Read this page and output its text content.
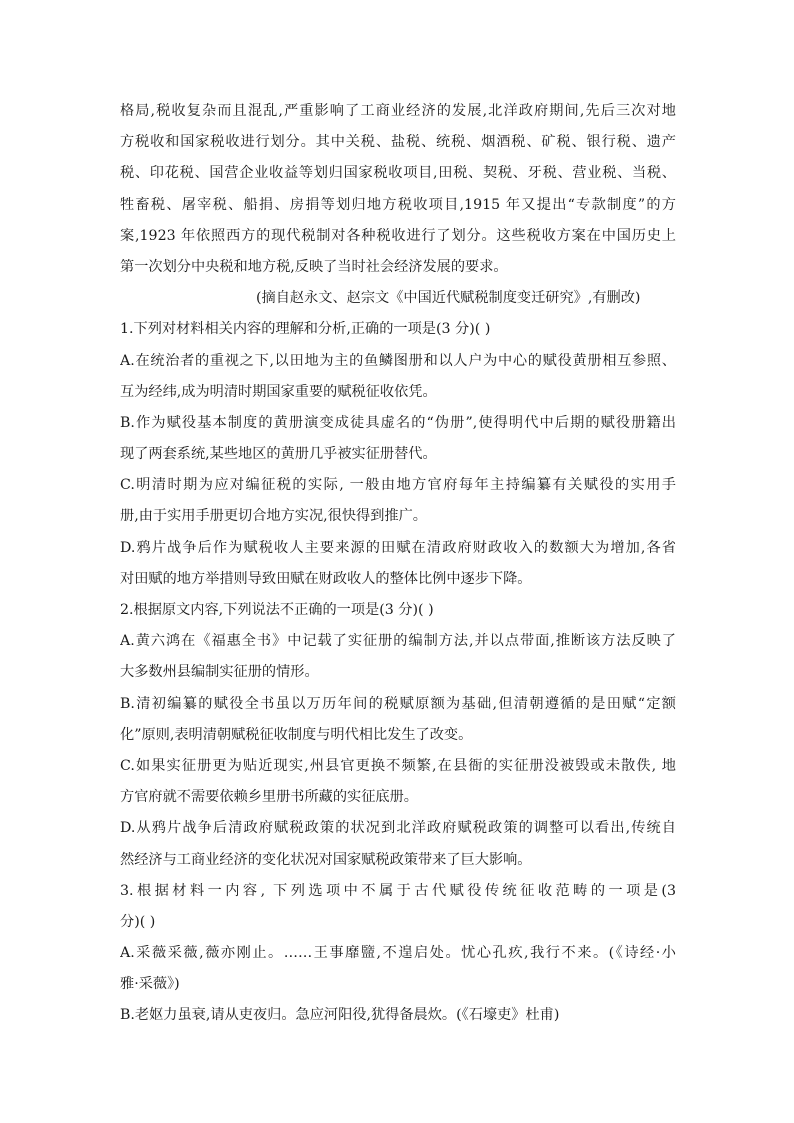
格局,税收复杂而且混乱,严重影响了工商业经济的发展,北洋政府期间,先后三次对地
方税收和国家税收进行划分。其中关税、盐税、统税、烟酒税、矿税、银行税、遗产
税、印花税、国营企业收益等划归国家税收项目,田税、契税、牙税、营业税、当税、
牲畜税、屠宰税、船捐、房捐等划归地方税收项目,1915 年又提出“专款制度”的方
案,1923 年依照西方的现代税制对各种税收进行了划分。这些税收方案在中国历史上
第一次划分中央税和地方税,反映了当时社会经济发展的要求。
(摘自赵永文、赵宗文《中国近代赋税制度变迁研究》,有删改)
1.下列对材料相关内容的理解和分析,正确的一项是(3 分)( )
A.在统治者的重视之下,以田地为主的鱼鳞图册和以人户为中心的赋役黄册相互参照、
互为经纬,成为明清时期国家重要的赋税征收依凭。
B.作为赋役基本制度的黄册演变成徒具虚名的“伪册”,使得明代中后期的赋役册籍出
现了两套系统,某些地区的黄册几乎被实征册替代。
C.明清时期为应对编征税的实际, 一般由地方官府每年主持编纂有关赋役的实用手
册,由于实用手册更切合地方实况,很快得到推广。
D.鸦片战争后作为赋税收人主要来源的田赋在清政府财政收入的数额大为增加,各省
对田赋的地方举措则导致田赋在财政收人的整体比例中逐步下降。
2.根据原文内容,下列说法不正确的一项是(3 分)( )
A.黄六鸿在《福惠全书》中记载了实征册的编制方法,并以点带面,推断该方法反映了
大多数州县编制实征册的情形。
B.清初编纂的赋役全书虽以万历年间的税赋原额为基础,但清朝遵循的是田赋“定额
化”原则,表明清朝赋税征收制度与明代相比发生了改变。
C.如果实征册更为贴近现实,州县官更换不频繁,在县衙的实征册没被毁或未散佚, 地
方官府就不需要依赖乡里册书所藏的实征底册。
D.从鸦片战争后清政府赋税政策的状况到北洋政府赋税政策的调整可以看出,传统自
然经济与工商业经济的变化状况对国家赋税政策带来了巨大影响。
3.根据材料一内容, 下列选项中不属于古代赋役传统征收范畴的一项是(3
分)( )
A.采薇采薇,薇亦刚止。……王事靡盬,不遑启处。忧心孔疚,我行不来。(《诗经·小
雅·采薇》)
B.老妪力虽衰,请从吏夜归。急应河阳役,犹得备晨炊。(《石壕吏》杜甫)
